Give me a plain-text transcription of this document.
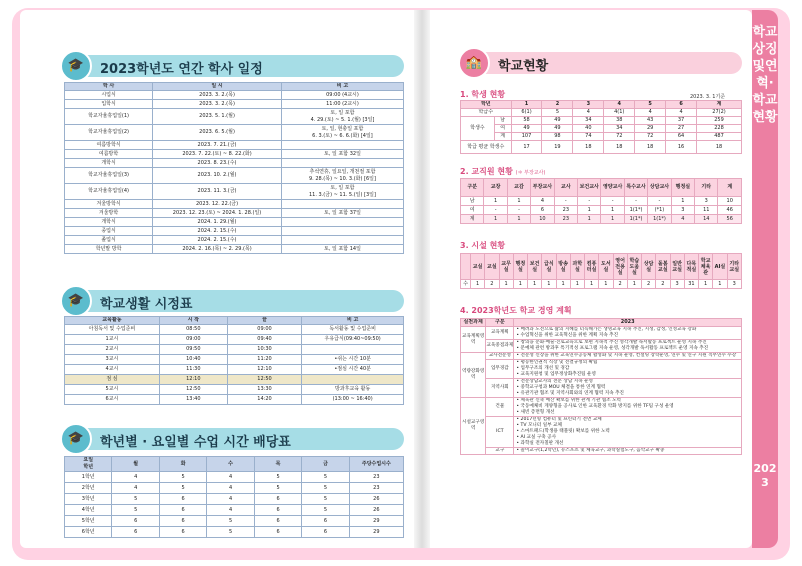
학교상징및연혁·학교현황
2023
🎓	2023학년도 연간 학사 일정
학 사	일 시	비 고
시업식	2023. 3. 2.(목)	09:00 (4교시)
입학식	2023. 3. 2.(목)	11:00 (2교시)
학교자율휴업일(1)	2023. 5. 1.(월)	토, 일 포함
4. 29.(토) ~ 5. 1.(월) [3일]
학교자율휴업일(2)	2023. 6. 5.(월)	토, 일, 현충일 포함
6. 3.(토) ~ 6. 6.(화) [4일]
여름방학식	2023. 7. 21.(금)	
여름방학	2023. 7. 22.(토) ~ 8. 22.(화)	토, 일 포함 32일
개학식	2023. 8. 23.(수)	
학교자율휴업일(3)	2023. 10. 2.(월)	추석연휴, 일요일, 개천절 포함
9. 28.(목) ~ 10. 3.(화) [6일]
학교자율휴업일(4)	2023. 11. 3.(금)	토, 일 포함
11. 3.(금) ~ 11. 5.(일) [3일]
겨울방학식	2023. 12. 22.(금)	
겨울방학	2023. 12. 23.(토) ~ 2024. 1. 28.(일)	토, 일 포함 37일
개학식	2024. 1. 29.(월)	
종업식	2024. 2. 15.(수)	
졸업식	2024. 2. 15.(수)	
학년말 방학	2024. 2. 16.(목) ~ 2. 29.(목)	토, 일 포함 14일
🎓	학교생활 시정표
교육활동	시 작	끝	비 고
아침독서 및 수업준비	08:50	09:00	독서활동 및 수업준비
1교시	09:00	09:40	우유급식(09:40~09:50)
2교시	09:50	10:30	
3교시	10:40	11:20	•쉬는 시간 10분
4교시	11:30	12:10	•점심 시간 40분
점 심	12:10	12:50	
5교시	12:50	13:30	방과후교육 활동
6교시	13:40	14:20	(13:00 ~ 16:40)
🎓	학년별 · 요일별 수업 시간 배당표
요일
학년	월	화	수	목	금	주당수업시수
1학년	4	5	4	5	5	23
2학년	4	5	4	5	5	23
3학년	5	6	4	6	5	26
4학년	5	6	4	6	5	26
5학년	6	6	5	6	6	29
6학년	6	6	5	6	6	29
🏫	학교현황
1. 학생 현황	2023. 3. 1기준
학년		1	2	3	4	5	6	계
학급수		6(1)	5	4	4(1)	4	4	27(2)
학생수	남	58	49	34	38	43	37	259
	여	49	49	40	34	29	27	228
	계	107	98	74	72	72	64	487
학급 평균 학생수		17	19	18	18	18	16	18
2. 교직원 현황 (＊ 부장교사)
구분	교장	교감	부장교사	교사	보건교사	영양교사	특수교사	상담교사	행정실	기타	계
남	1	1	4	-	-	-	-	-	1	3	10
여	-	-	6	23	1	1	1(1*)	(*1)	3	11	46
계	1	1	10	23	1	1	1(1*)	1(1*)	4	14	56
3. 시설 현황
	교실	교실	교무실	행정실	보건실	급식실	방송실	과학실	컴퓨터실	도서실	영어전용실	학습도움실	상담실	돌봄교실	일반교실	다목적실	학교체육관	AI실	기타교실
수	1	2	1	1	1	1	1	1	1	1	2	1	2	2	3	31	1	1	3
4. 2023학년도 학교 경영 계획
실천과제	구분	2023
교육계획영역	교육계획	• 배려과 도전으로 삶의 지혜를 터득해가는 생명교육 지속 추진, 지성, 감성, 인성교육 강화
• 수업혁신을 위한 교육혁신을 위한 계획 지속 추진
	교육중점과제	• 창의융 문화·예술·진로교육으로 보편 지속적 추진 성각개발 독서활동 프로젝트 운영 지속 추진
• 문예체 관련 방과후 특기적성 프로그램 지속 운영, 성각개발 독서활동 프로젝트 운영 지속 추진
역량강화영역	교사전문성	• 전문성 신장을 위한 교육연수공동체 활성화 및 지속 운영, 컨설팅 장학운영, 연수 및 연구 지원 직무연수 수강
	업무경감	• 평등한인권적 직장 및 전결규정의 확립
• 업무구조의 개선 및 경감
• 교육지원청 및 업무정상화추진팀 운영
	지역사회	• 전문상담교사의 전문 상담 지속 운영
• 중학교구청과 MOU 체결을 통한 연계 협력
• 유관기관 협조 및 지역사회와의 연계 협력 지속 추진
시설교구영역	건물	• 체육관 신축 예산 확보를 위한 관계 기관 협조 노력
• 국동예체비 게양형을 공사로 인한 교육환경 악화 방지를 위한 TF팀 구성 운영
• 새빈 층면형 개선
	ICT	• 2017년형 컴퓨터 및 프린터기 전면 교체
• TV 모니터 일부 교체
• 스마트패드(학생용 태블릿) 확보를 위한 노력
• AI 교실 구축 공사
• 과학실 전자칠판 개선
	교구	• 놀이교구(1,2학년), 뉴스포츠 및 체육교구, 과학실험도구, 음악교구 확충
